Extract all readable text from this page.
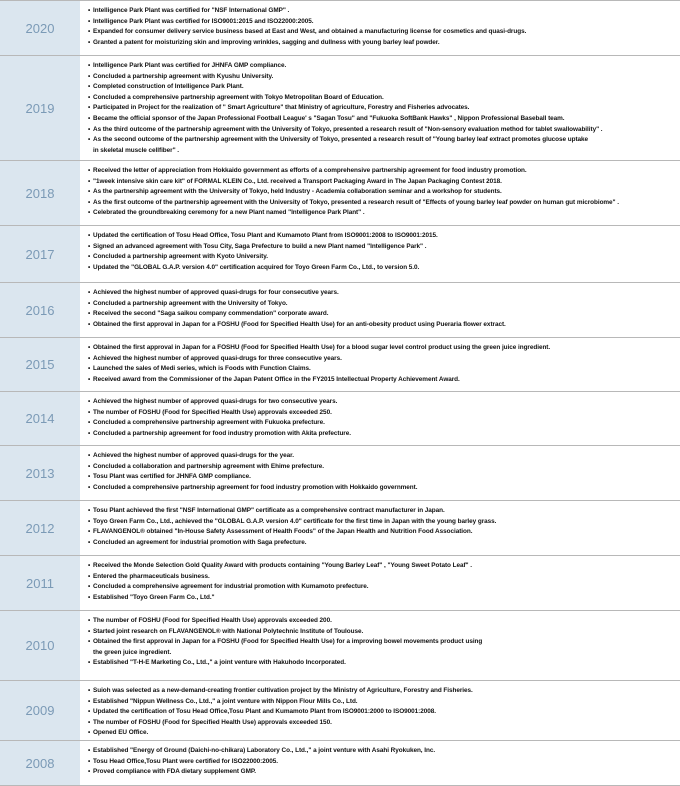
2020
• Intelligence Park Plant was certified for "NSF International GMP" .
• Intelligence Park Plant was certified for ISO9001:2015 and ISO22000:2005.
• Expanded for consumer delivery service business based at East and West, and obtained a manufacturing license for cosmetics and quasi-drugs.
• Granted a patent for moisturizing skin and improving wrinkles, sagging and dullness with young barley leaf powder.
2019
• Intelligence Park Plant was certified for JHNFA GMP compliance.
• Concluded a partnership agreement with Kyushu University.
• Completed construction of Intelligence Park Plant.
• Concluded a comprehensive partnership agreement with Tokyo Metropolitan Board of Education.
• Participated in Project for the realization of " Smart Agriculture" that Ministry of agriculture, Forestry and Fisheries advocates.
• Became the official sponsor of the Japan Professional Football League' s "Sagan Tosu" and "Fukuoka SoftBank Hawks" , Nippon Professional Baseball team.
• As the third outcome of the partnership agreement with the University of Tokyo, presented a research result of "Non-sensory evaluation method for tablet swallowability" .
• As the second outcome of the partnership agreement with the University of Tokyo, presented a research result of "Young barley leaf extract promotes glucose uptake
in skeletal muscle cellfiber" .
2018
• Received the letter of appreciation from Hokkaido government as efforts of a comprehensive partnership agreement for food industry promotion.
• "1week intensive skin care kit" of FORMAL KLEIN Co., Ltd. received a Transport Packaging Award in The Japan Packaging Contest 2018.
• As the partnership agreement with the University of Tokyo, held Industry - Academia collaboration seminar and a workshop for students.
• As the first outcome of the partnership agreement with the University of Tokyo, presented a research result of "Effects of young barley leaf powder on human gut microbiome" .
• Celebrated the groundbreaking ceremony for a new Plant named "Intelligence Park Plant" .
2017
• Updated the certification of Tosu Head Office, Tosu Plant and Kumamoto Plant from ISO9001:2008 to ISO9001:2015.
• Signed an advanced agreement with Tosu City, Saga Prefecture to build a new Plant named "Intelligence Park" .
• Concluded a partnership agreement with Kyoto University.
• Updated the "GLOBAL G.A.P. version 4.0" certification acquired for Toyo Green Farm Co., Ltd., to version 5.0.
2016
• Achieved the highest number of approved quasi-drugs for four consecutive years.
• Concluded a partnership agreement with the University of Tokyo.
• Received the second "Saga saikou company commendation" corporate award.
• Obtained the first approval in Japan for a FOSHU (Food for Specified Health Use) for an anti-obesity product using Pueraria flower extract.
2015
• Obtained the first approval in Japan for a FOSHU (Food for Specified Health Use) for a blood sugar level control product using the green juice ingredient.
• Achieved the highest number of approved quasi-drugs for three consecutive years.
• Launched the sales of Medi series, which is Foods with Function Claims.
• Received award from the Commissioner of the Japan Patent Office in the FY2015 Intellectual Property Achievement Award.
2014
• Achieved the highest number of approved quasi-drugs for two consecutive years.
• The number of FOSHU (Food for Specified Health Use) approvals exceeded 250.
• Concluded a comprehensive partnership agreement with Fukuoka prefecture.
• Concluded a partnership agreement for food industry promotion with Akita prefecture.
2013
• Achieved the highest number of approved quasi-drugs for the year.
• Concluded a collaboration and partnership agreement with Ehime prefecture.
• Tosu Plant was certified for JHNFA GMP compliance.
• Concluded a comprehensive partnership agreement for food industry promotion with Hokkaido government.
2012
• Tosu Plant achieved the first "NSF International GMP" certificate as a comprehensive contract manufacturer in Japan.
• Toyo Green Farm Co., Ltd., achieved the "GLOBAL G.A.P. version 4.0" certificate for the first time in Japan with the young barley grass.
• FLAVANGENOL® obtained "In-House Safety Assessment of Health Foods" of the Japan Health and Nutrition Food Association.
• Concluded an agreement for industrial promotion with Saga prefecture.
2011
• Received the Monde Selection Gold Quality Award with products containing "Young Barley Leaf" , "Young Sweet Potato Leaf" .
• Entered the pharmaceuticals business.
• Concluded a comprehensive agreement for industrial promotion with Kumamoto prefecture.
• Established "Toyo Green Farm Co., Ltd."
2010
• The number of FOSHU (Food for Specified Health Use) approvals exceeded 200.
• Started joint research on FLAVANGENOL® with National Polytechnic Institute of Toulouse.
• Obtained the first approval in Japan for a FOSHU (Food for Specified Health Use) for a improving bowel movements product using
the green juice ingredient.
• Established "T-H-E Marketing Co., Ltd.," a joint venture with Hakuhodo Incorporated.
2009
• Suioh was selected as a new-demand-creating frontier cultivation project by the Ministry of Agriculture, Forestry and Fisheries.
• Established "Nippun Wellness Co., Ltd.," a joint venture with Nippon Flour Mills Co., Ltd.
• Updated the certification of Tosu Head Office,Tosu Plant and Kumamoto Plant from ISO9001:2000 to ISO9001:2008.
• The number of FOSHU (Food for Specified Health Use) approvals exceeded 150.
• Opened EU Office.
2008
• Established "Energy of Ground (Daichi-no-chikara) Laboratory Co., Ltd.," a joint venture with Asahi Ryokuken, Inc.
• Tosu Head Office,Tosu Plant were certified for ISO22000:2005.
• Proved compliance with FDA dietary supplement GMP.
